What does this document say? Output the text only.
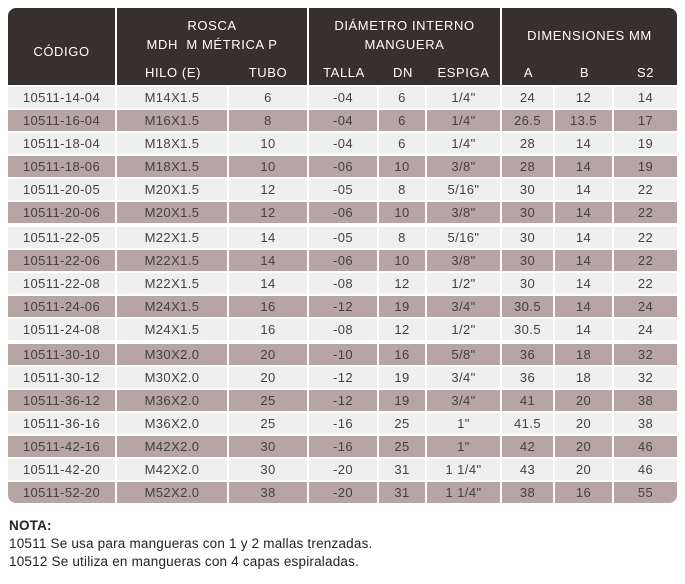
CÓDIGO
ROSCA
MDH  M MÉTRICA P
HILO (E)	TUBO
DIÁMETRO INTERNO
MANGUERA
TALLA	DN	ESPIGA
DIMENSIONES MM
A	B	S2
10511-14-04	M14X1.5	6	-04	6	1/4"	24	12	14
10511-16-04	M16X1.5	8	-04	6	1/4"	26.5	13.5	17
10511-18-04	M18X1.5	10	-04	6	1/4"	28	14	19
10511-18-06	M18X1.5	10	-06	10	3/8"	28	14	19
10511-20-05	M20X1.5	12	-05	8	5/16"	30	14	22
10511-20-06	M20X1.5	12	-06	10	3/8"	30	14	22
10511-22-05	M22X1.5	14	-05	8	5/16"	30	14	22
10511-22-06	M22X1.5	14	-06	10	3/8"	30	14	22
10511-22-08	M22X1.5	14	-08	12	1/2"	30	14	22
10511-24-06	M24X1.5	16	-12	19	3/4"	30.5	14	24
10511-24-08	M24X1.5	16	-08	12	1/2"	30.5	14	24
10511-30-10	M30X2.0	20	-10	16	5/8"	36	18	32
10511-30-12	M30X2.0	20	-12	19	3/4"	36	18	32
10511-36-12	M36X2.0	25	-12	19	3/4"	41	20	38
10511-36-16	M36X2.0	25	-16	25	1"	41.5	20	38
10511-42-16	M42X2.0	30	-16	25	1"	42	20	46
10511-42-20	M42X2.0	30	-20	31	1 1/4"	43	20	46
10511-52-20	M52X2.0	38	-20	31	1 1/4"	38	16	55
NOTA:
10511 Se usa para mangueras con 1 y 2 mallas trenzadas.
10512 Se utiliza en mangueras con 4 capas espiraladas.
